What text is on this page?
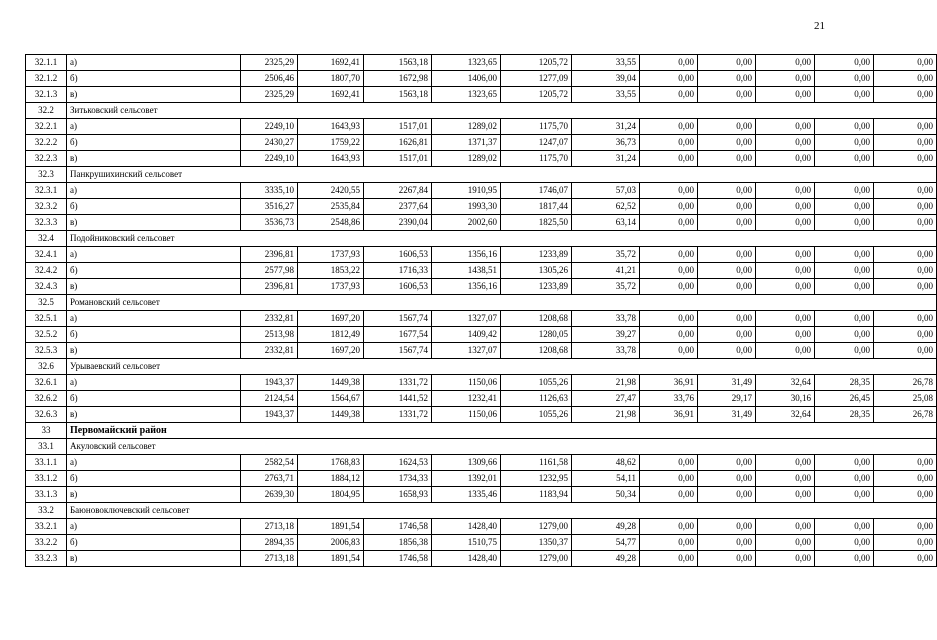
21
32.1.1	а)	2325,29	1692,41	1563,18	1323,65	1205,72	33,55	0,00	0,00	0,00	0,00	0,00
32.1.2	б)	2506,46	1807,70	1672,98	1406,00	1277,09	39,04	0,00	0,00	0,00	0,00	0,00
32.1.3	в)	2325,29	1692,41	1563,18	1323,65	1205,72	33,55	0,00	0,00	0,00	0,00	0,00
32.2	Зитьковский сельсовет											
32.2.1	а)	2249,10	1643,93	1517,01	1289,02	1175,70	31,24	0,00	0,00	0,00	0,00	0,00
32.2.2	б)	2430,27	1759,22	1626,81	1371,37	1247,07	36,73	0,00	0,00	0,00	0,00	0,00
32.2.3	в)	2249,10	1643,93	1517,01	1289,02	1175,70	31,24	0,00	0,00	0,00	0,00	0,00
32.3	Панкрушихинский сельсовет											
32.3.1	а)	3335,10	2420,55	2267,84	1910,95	1746,07	57,03	0,00	0,00	0,00	0,00	0,00
32.3.2	б)	3516,27	2535,84	2377,64	1993,30	1817,44	62,52	0,00	0,00	0,00	0,00	0,00
32.3.3	в)	3536,73	2548,86	2390,04	2002,60	1825,50	63,14	0,00	0,00	0,00	0,00	0,00
32.4	Подойниковский сельсовет											
32.4.1	а)	2396,81	1737,93	1606,53	1356,16	1233,89	35,72	0,00	0,00	0,00	0,00	0,00
32.4.2	б)	2577,98	1853,22	1716,33	1438,51	1305,26	41,21	0,00	0,00	0,00	0,00	0,00
32.4.3	в)	2396,81	1737,93	1606,53	1356,16	1233,89	35,72	0,00	0,00	0,00	0,00	0,00
32.5	Романовский сельсовет											
32.5.1	а)	2332,81	1697,20	1567,74	1327,07	1208,68	33,78	0,00	0,00	0,00	0,00	0,00
32.5.2	б)	2513,98	1812,49	1677,54	1409,42	1280,05	39,27	0,00	0,00	0,00	0,00	0,00
32.5.3	в)	2332,81	1697,20	1567,74	1327,07	1208,68	33,78	0,00	0,00	0,00	0,00	0,00
32.6	Урываевский сельсовет											
32.6.1	а)	1943,37	1449,38	1331,72	1150,06	1055,26	21,98	36,91	31,49	32,64	28,35	26,78
32.6.2	б)	2124,54	1564,67	1441,52	1232,41	1126,63	27,47	33,76	29,17	30,16	26,45	25,08
32.6.3	в)	1943,37	1449,38	1331,72	1150,06	1055,26	21,98	36,91	31,49	32,64	28,35	26,78
33	Первомайский район											
33.1	Акуловский сельсовет											
33.1.1	а)	2582,54	1768,83	1624,53	1309,66	1161,58	48,62	0,00	0,00	0,00	0,00	0,00
33.1.2	б)	2763,71	1884,12	1734,33	1392,01	1232,95	54,11	0,00	0,00	0,00	0,00	0,00
33.1.3	в)	2639,30	1804,95	1658,93	1335,46	1183,94	50,34	0,00	0,00	0,00	0,00	0,00
33.2	Баюновоключевский сельсовет											
33.2.1	а)	2713,18	1891,54	1746,58	1428,40	1279,00	49,28	0,00	0,00	0,00	0,00	0,00
33.2.2	б)	2894,35	2006,83	1856,38	1510,75	1350,37	54,77	0,00	0,00	0,00	0,00	0,00
33.2.3	в)	2713,18	1891,54	1746,58	1428,40	1279,00	49,28	0,00	0,00	0,00	0,00	0,00
